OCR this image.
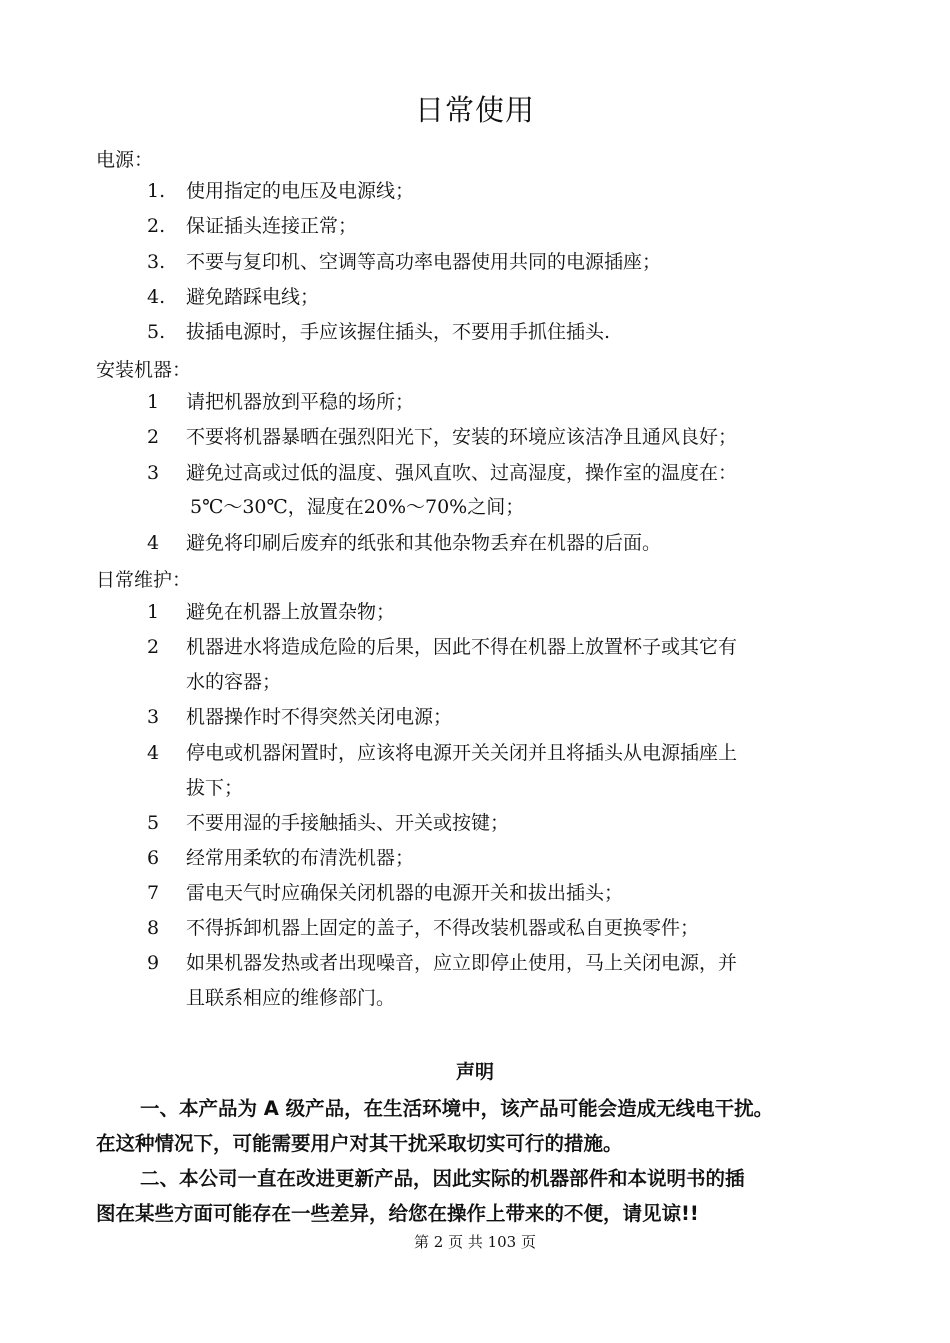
日常使用
电源：
1.	使用指定的电压及电源线；
2.	保证插头连接正常；
3.	不要与复印机、空调等高功率电器使用共同的电源插座；
4.	避免踏踩电线；
5.	拔插电源时，手应该握住插头，不要用手抓住插头.
安装机器：
1	请把机器放到平稳的场所；
2	不要将机器暴晒在强烈阳光下，安装的环境应该洁净且通风良好；
3	避免过高或过低的温度、强风直吹、过高湿度，操作室的温度在：
5℃～30℃，湿度在20%～70%之间；
4	避免将印刷后废弃的纸张和其他杂物丢弃在机器的后面。
日常维护：
1	避免在机器上放置杂物；
2	机器进水将造成危险的后果，因此不得在机器上放置杯子或其它有
水的容器；
3	机器操作时不得突然关闭电源；
4	停电或机器闲置时，应该将电源开关关闭并且将插头从电源插座上
拔下；
5	不要用湿的手接触插头、开关或按键；
6	经常用柔软的布清洗机器；
7	雷电天气时应确保关闭机器的电源开关和拔出插头；
8	不得拆卸机器上固定的盖子，不得改装机器或私自更换零件；
9	如果机器发热或者出现噪音，应立即停止使用，马上关闭电源，并
且联系相应的维修部门。
声明
一、本产品为 A 级产品，在生活环境中，该产品可能会造成无线电干扰。
在这种情况下，可能需要用户对其干扰采取切实可行的措施。
二、本公司一直在改进更新产品，因此实际的机器部件和本说明书的插
图在某些方面可能存在一些差异，给您在操作上带来的不便，请见谅!!
第 2 页 共 103 页
